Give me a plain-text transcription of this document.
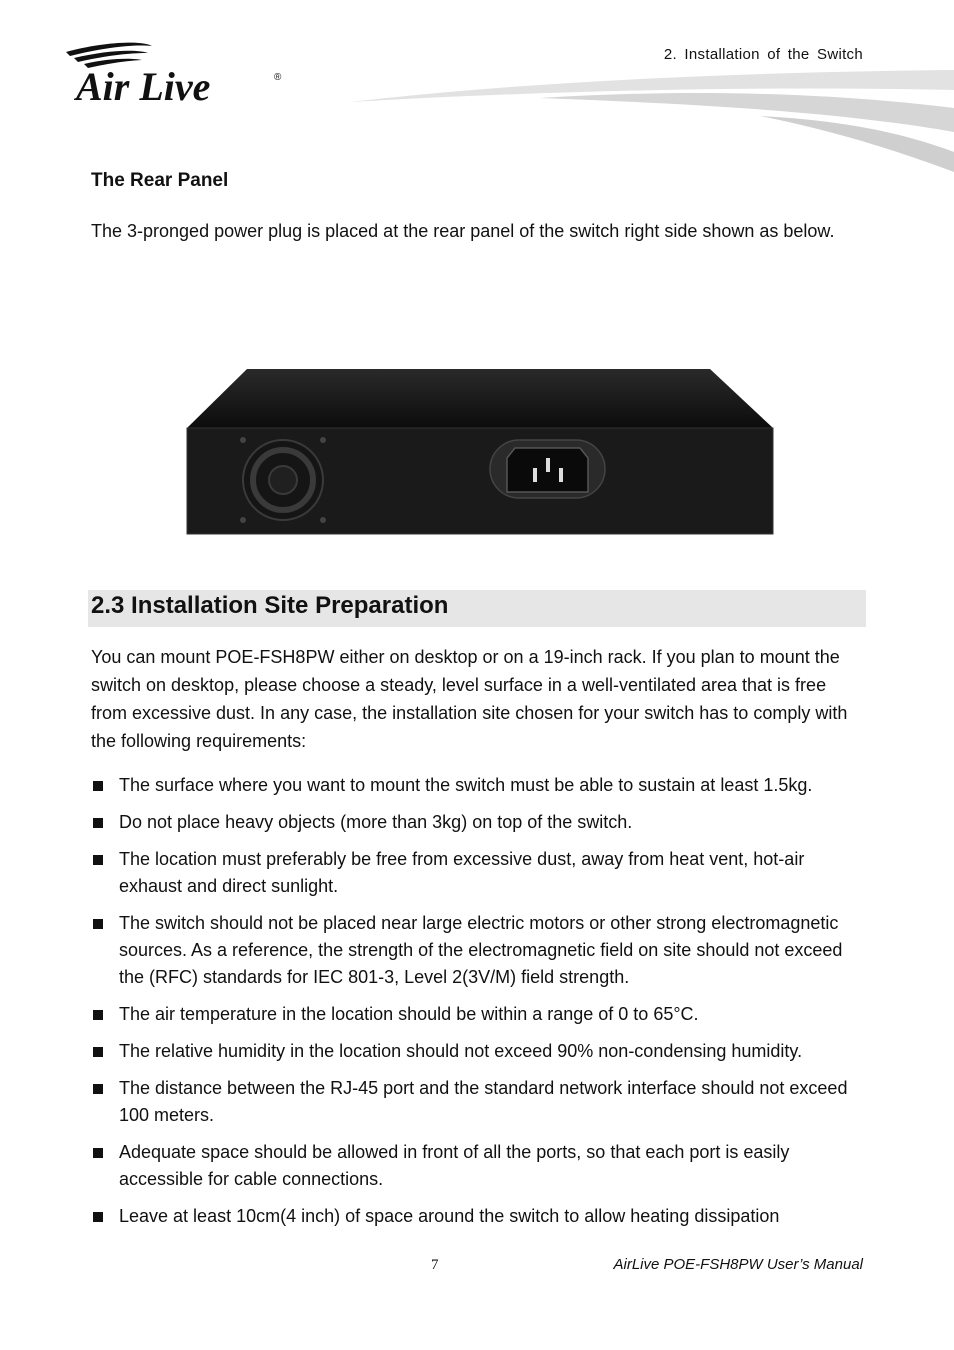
2. Installation of the Switch
Air Live	®
The Rear Panel
The 3-pronged power plug is placed at the rear panel of the switch right side shown as below.
2.3 Installation Site Preparation
You can mount POE-FSH8PW either on desktop or on a 19-inch rack. If you plan to mount the switch on desktop, please choose a steady, level surface in a well-ventilated area that is free from excessive dust. In any case, the installation site chosen for your switch has to comply with the following requirements:
The surface where you want to mount the switch must be able to sustain at least 1.5kg.
Do not place heavy objects (more than 3kg) on top of the switch.
The location must preferably be free from excessive dust, away from heat vent, hot-air exhaust and direct sunlight.
The switch should not be placed near large electric motors or other strong electromagnetic sources. As a reference, the strength of the electromagnetic field on site should not exceed the (RFC) standards for IEC 801-3, Level 2(3V/M) field strength.
The air temperature in the location should be within a range of 0 to 65°C.
The relative humidity in the location should not exceed 90% non-condensing humidity.
The distance between the RJ-45 port and the standard network interface should not exceed 100 meters.
Adequate space should be allowed in front of all the ports, so that each port is easily accessible for cable connections.
Leave at least 10cm(4 inch) of space around the switch to allow heating dissipation
7	AirLive POE-FSH8PW User’s Manual
